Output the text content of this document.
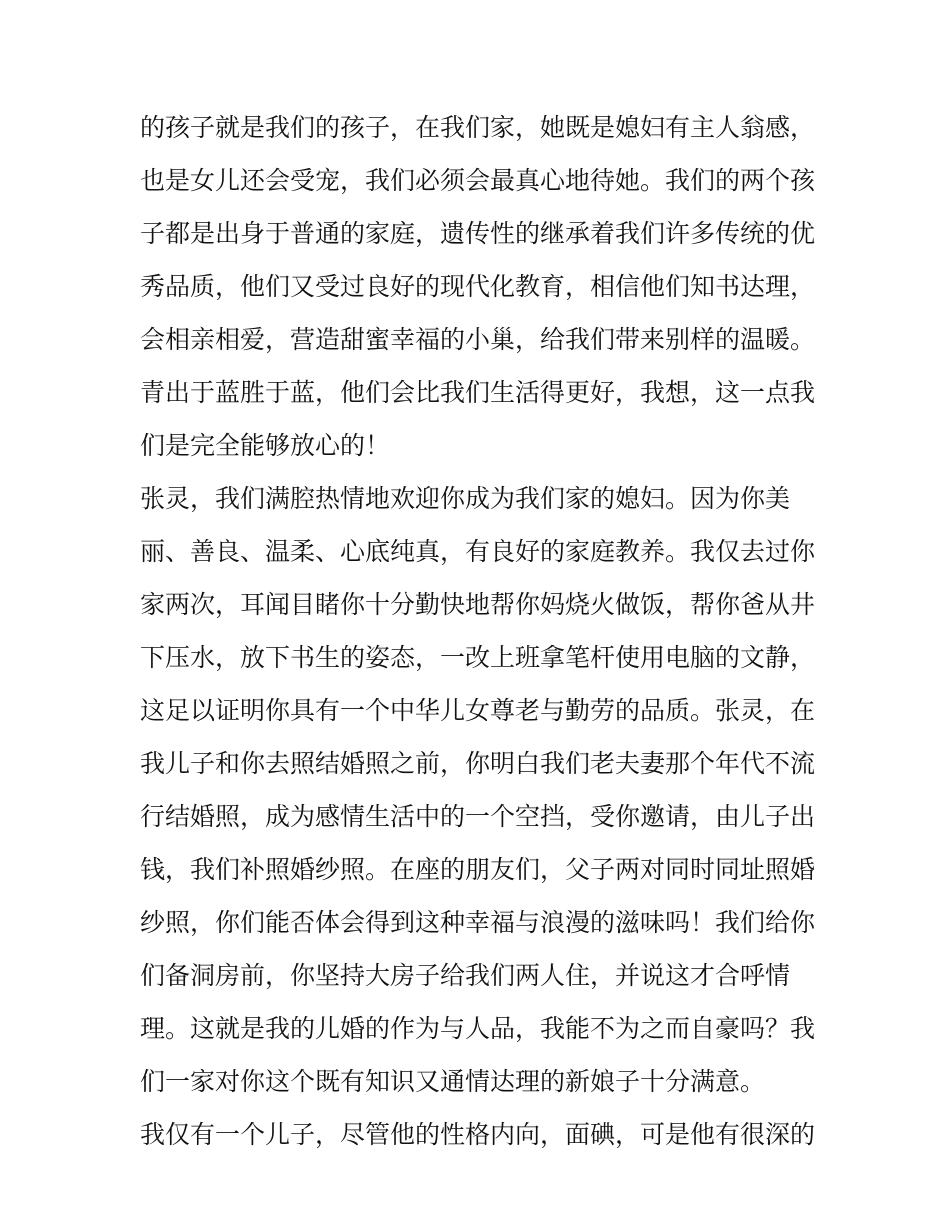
的孩子就是我们的孩子，在我们家，她既是媳妇有主人翁感，
也是女儿还会受宠，我们必须会最真心地待她。我们的两个孩
子都是出身于普通的家庭，遗传性的继承着我们许多传统的优
秀品质，他们又受过良好的现代化教育，相信他们知书达理，
会相亲相爱，营造甜蜜幸福的小巢，给我们带来别样的温暖。
青出于蓝胜于蓝，他们会比我们生活得更好，我想，这一点我
们是完全能够放心的！
张灵，我们满腔热情地欢迎你成为我们家的媳妇。因为你美
丽、善良、温柔、心底纯真，有良好的家庭教养。我仅去过你
家两次，耳闻目睹你十分勤快地帮你妈烧火做饭，帮你爸从井
下压水，放下书生的姿态，一改上班拿笔杆使用电脑的文静，
这足以证明你具有一个中华儿女尊老与勤劳的品质。张灵，在
我儿子和你去照结婚照之前，你明白我们老夫妻那个年代不流
行结婚照，成为感情生活中的一个空挡，受你邀请，由儿子出
钱，我们补照婚纱照。在座的朋友们，父子两对同时同址照婚
纱照，你们能否体会得到这种幸福与浪漫的滋味吗！我们给你
们备洞房前，你坚持大房子给我们两人住，并说这才合呼情
理。这就是我的儿婚的作为与人品，我能不为之而自豪吗？我
们一家对你这个既有知识又通情达理的新娘子十分满意。
我仅有一个儿子，尽管他的性格内向，面碘，可是他有很深的
